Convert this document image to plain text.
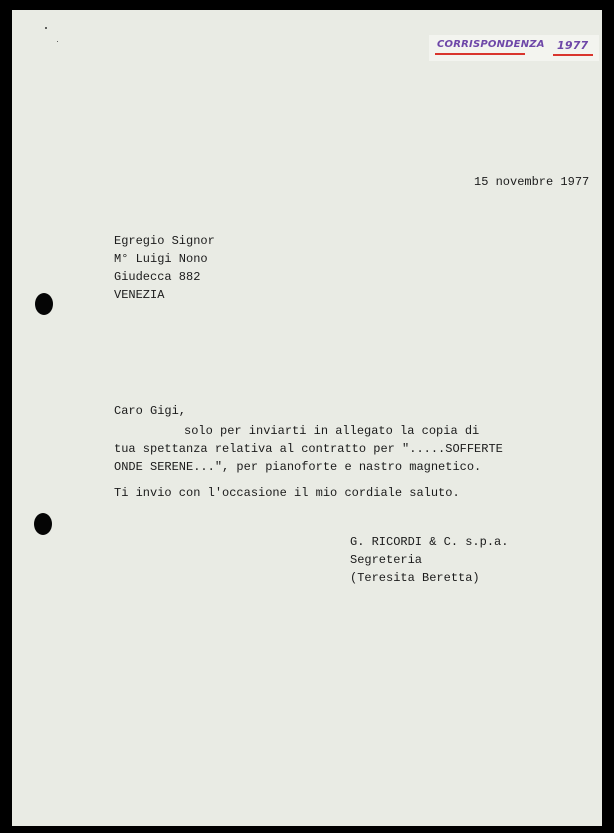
CORRISPONDENZA 1977
15 novembre 1977
Egregio Signor
M° Luigi Nono
Giudecca 882
VENEZIA
Caro Gigi,
solo per inviarti in allegato la copia di
tua spettanza relativa al contratto per ".....SOFFERTE
ONDE SERENE...", per pianoforte e nastro magnetico.
Ti invio con l'occasione il mio cordiale saluto.
G. RICORDI & C. s.p.a.
Segreteria
(Teresita Beretta)
